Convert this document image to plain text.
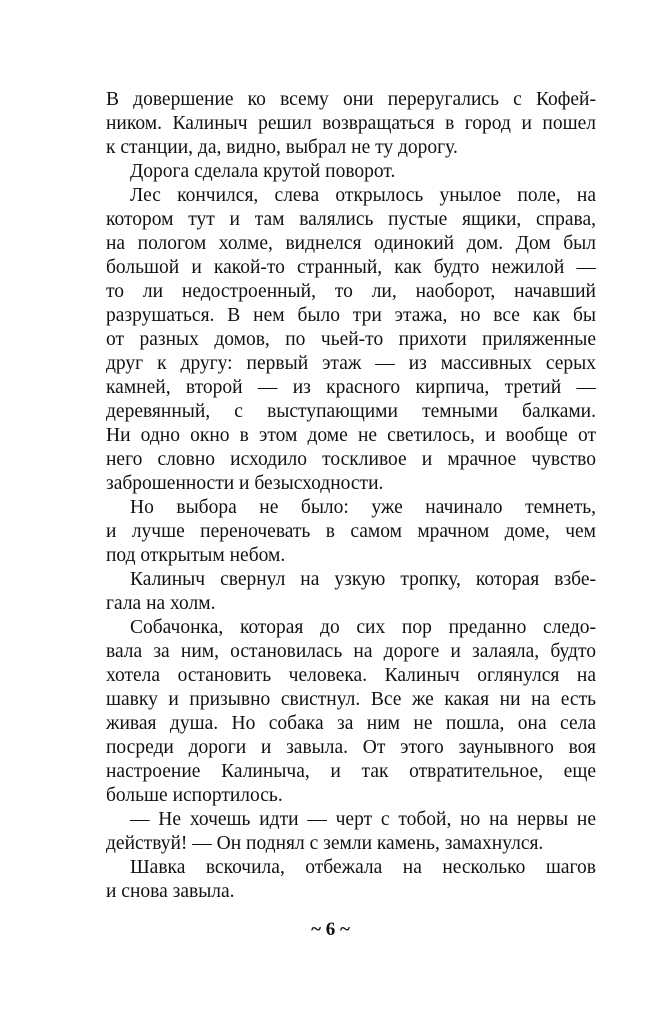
В довершение ко всему они переругались с Кофей-
ником. Калиныч решил возвращаться в город и пошел
к станции, да, видно, выбрал не ту дорогу.
Дорога сделала крутой поворот.
Лес кончился, слева открылось унылое поле, на
котором тут и там валялись пустые ящики, справа,
на пологом холме, виднелся одинокий дом. Дом был
большой и какой-то странный, как будто нежилой —
то ли недостроенный, то ли, наоборот, начавший
разрушаться. В нем было три этажа, но все как бы
от разных домов, по чьей-то прихоти приляженные
друг к другу: первый этаж — из массивных серых
камней, второй — из красного кирпича, третий —
деревянный, с выступающими темными балками.
Ни одно окно в этом доме не светилось, и вообще от
него словно исходило тоскливое и мрачное чувство
заброшенности и безысходности.
Но выбора не было: уже начинало темнеть,
и лучше переночевать в самом мрачном доме, чем
под открытым небом.
Калиныч свернул на узкую тропку, которая взбе-
гала на холм.
Собачонка, которая до сих пор преданно следо-
вала за ним, остановилась на дороге и залаяла, будто
хотела остановить человека. Калиныч оглянулся на
шавку и призывно свистнул. Все же какая ни на есть
живая душа. Но собака за ним не пошла, она села
посреди дороги и завыла. От этого заунывного воя
настроение Калиныча, и так отвратительное, еще
больше испортилось.
— Не хочешь идти — черт с тобой, но на нервы не
действуй! — Он поднял с земли камень, замахнулся.
Шавка вскочила, отбежала на несколько шагов
и снова завыла.
~ 6 ~
